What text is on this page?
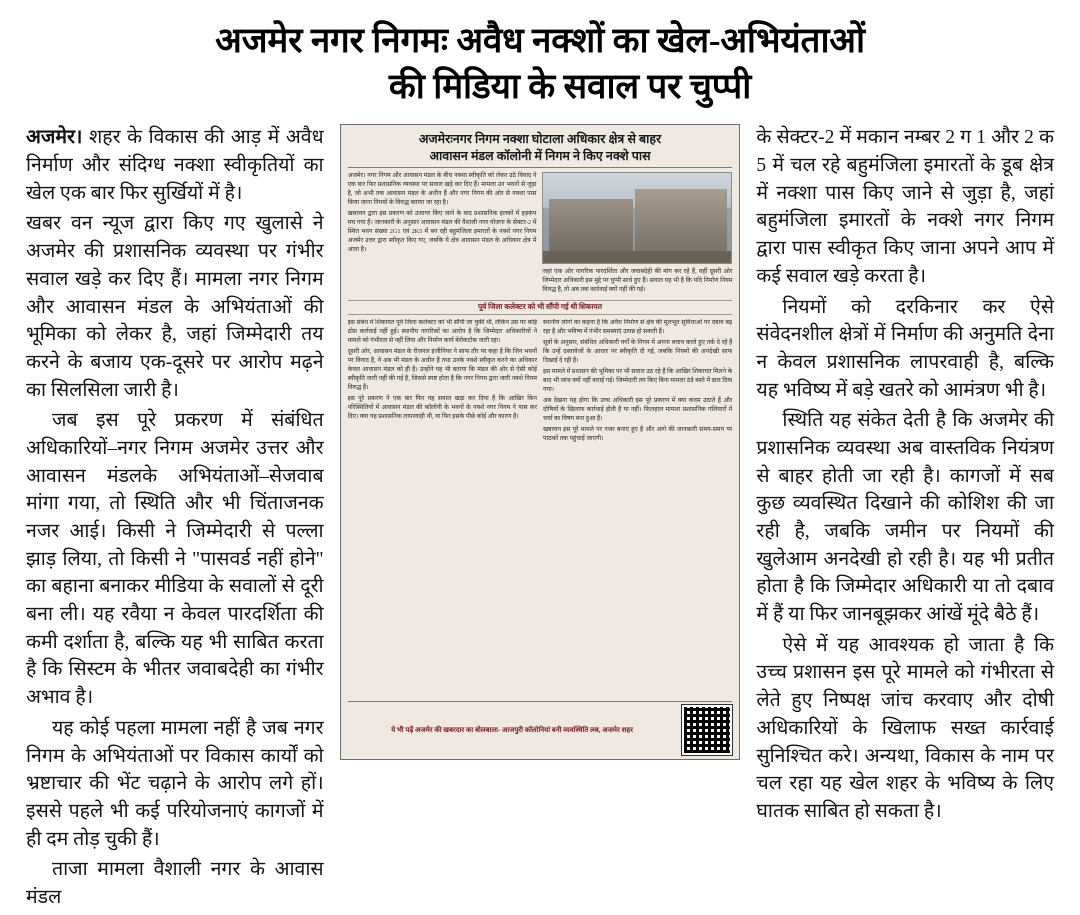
अजमेर नगर निगमः अवैध नक्शों का खेल-अभियंताओं
की मिडिया के सवाल पर चुप्पी

अजमेर। शहर के विकास की आड़ में अवैध निर्माण और संदिग्ध नक्शा स्वीकृतियों का खेल एक बार फिर सुर्खियों में है।

खबर वन न्यूज द्वारा किए गए खुलासे ने अजमेर की प्रशासनिक व्यवस्था पर गंभीर सवाल खड़े कर दिए हैं। मामला नगर निगम और आवासन मंडल के अभियंताओं की भूमिका को लेकर है, जहां जिम्मेदारी तय करने के बजाय एक-दूसरे पर आरोप मढ़ने का सिलसिला जारी है।

जब इस पूरे प्रकरण में संबंधित अधिकारियों–नगर निगम अजमेर उत्तर और आवासन मंडलके अभियंताओं–सेजवाब मांगा गया, तो स्थिति और भी चिंताजनक नजर आई। किसी ने जिम्मेदारी से पल्ला झाड़ लिया, तो किसी ने "पासवर्ड नहीं होने" का बहाना बनाकर मीडिया के सवालों से दूरी बना ली। यह रवैया न केवल पारदर्शिता की कमी दर्शाता है, बल्कि यह भी साबित करता है कि सिस्टम के भीतर जवाबदेही का गंभीर अभाव है।

यह कोई पहला मामला नहीं है जब नगर निगम के अभियंताओं पर विकास कार्यों को भ्रष्टाचार की भेंट चढ़ाने के आरोप लगे हों। इससे पहले भी कई परियोजनाएं कागजों में ही दम तोड़ चुकी हैं।

ताजा मामला वैशाली नगर के आवास मंडल

अजमेरःनगर निगम नक्शा घोटाला अधिकार क्षेत्र से बाहर
आवासन मंडल कॉलोनी में निगम ने किए नक्शे पास

अजमेर। नगर निगम और आवासन मंडल के बीच नक्शा स्वीकृति को लेकर उठे विवाद ने एक बार फिर प्रशासनिक व्यवस्था पर सवाल खड़े कर दिए हैं। मामला उन भवनों से जुड़ा है, जो अभी तक आवासन मंडल के अधीन हैं और नगर निगम की ओर से नक्शा पास किया जाना नियमों के विरुद्ध बताया जा रहा है।

खबरवन द्वारा इस प्रकरण को उजागर किए जाने के बाद प्रशासनिक हलकों में हड़कंप मच गया है। जानकारी के अनुसार आवासन मंडल की वैशाली नगर योजना के सेक्टर-2 में स्थित भवन संख्या 2G1 एवं 2K5 में बन रही बहुमंजिला इमारतों के नक्शे नगर निगम अजमेर उत्तर द्वारा स्वीकृत किए गए, जबकि ये क्षेत्र आवासन मंडल के अधिकार क्षेत्र में आता है।

जहां एक ओर नागरिक पारदर्शिता और जवाबदेही की मांग कर रहे हैं, वहीं दूसरी ओर जिम्मेदार अधिकारी इस मुद्दे पर चुप्पी साधे हुए हैं। सवाल यह भी है कि यदि निर्माण नियम विरुद्ध है, तो अब तक कार्रवाई क्यों नहीं की गई।

पूर्व जिला कलेक्टर को भी सौंपी गई थी शिकायत

इस संबंध में शिकायत पूर्व जिला कलेक्टर को भी सौंपी जा चुकी थी, लेकिन उस पर कोई ठोस कार्रवाई नहीं हुई। स्थानीय नागरिकों का आरोप है कि जिम्मेदार अधिकारियों ने मामले को गंभीरता से नहीं लिया और निर्माण कार्य बेरोकटोक जारी रहा।

दूसरी ओर, आवासन मंडल के रीजनल इंजीनियर ने साफ तौर पर कहा है कि जिन भवनों पर विवाद है, वे अब भी मंडल के अधीन हैं तथा उनके नक्शे स्वीकृत करने का अधिकार केवल आवासन मंडल को ही है। उन्होंने यह भी बताया कि मंडल की ओर से ऐसी कोई स्वीकृति जारी नहीं की गई है, जिससे स्पष्ट होता है कि नगर निगम द्वारा जारी नक्शे नियम विरुद्ध हैं।

इस पूरे प्रकरण ने एक बार फिर यह सवाल खड़ा कर दिया है कि आखिर किन परिस्थितियों में आवासन मंडल की कॉलोनी के भवनों के नक्शे नगर निगम ने पास कर दिए। क्या यह प्रशासनिक लापरवाही थी, या फिर इसके पीछे कोई और कारण है।

स्थानीय लोगों का कहना है कि अवैध निर्माण से क्षेत्र की मूलभूत सुविधाओं पर दबाव बढ़ रहा है और भविष्य में गंभीर समस्याएं उत्पन्न हो सकती हैं।

सूत्रों के अनुसार, संबंधित अधिकारी वर्गों के निगम में अपना बचाव करते हुए तर्क दे रहे हैं कि उन्हें दस्तावेजों के आधार पर स्वीकृति दी गई, जबकि नियमों की अनदेखी साफ दिखाई दे रही है।

इस मामले में प्रशासन की भूमिका पर भी सवाल उठ रहे हैं कि आखिर शिकायत मिलने के बाद भी जांच क्यों नहीं कराई गई। जिम्मेदारी तय किए बिना मामला ठंडे बस्ते में डाल दिया गया।

अब देखना यह होगा कि उच्च अधिकारी इस पूरे प्रकरण में क्या कदम उठाते हैं और दोषियों के खिलाफ कार्रवाई होती है या नहीं। फिलहाल मामला प्रशासनिक गलियारों में चर्चा का विषय बना हुआ है।

खबरवन इस पूरे मामले पर नजर बनाए हुए है और आगे की जानकारी समय-समय पर पाठकों तक पहुंचाई जाएगी।

ये भी पढ़ें अजमेर की खबरदार का बोलबाला- आजपुरी कॉलोनियां बनी व्यवस्थिति लब, अजमेर शहर

के सेक्टर-2 में मकान नम्बर 2 ग 1 और 2 क 5 में चल रहे बहुमंजिला इमारतों के डूब क्षेत्र में नक्शा पास किए जाने से जुड़ा है, जहां बहुमंजिला इमारतों के नक्शे नगर निगम द्वारा पास स्वीकृत किए जाना अपने आप में कई सवाल खड़े करता है।

नियमों को दरकिनार कर ऐसे संवेदनशील क्षेत्रों में निर्माण की अनुमति देना न केवल प्रशासनिक लापरवाही है, बल्कि यह भविष्य में बड़े खतरे को आमंत्रण भी है।

स्थिति यह संकेत देती है कि अजमेर की प्रशासनिक व्यवस्था अब वास्तविक नियंत्रण से बाहर होती जा रही है। कागजों में सब कुछ व्यवस्थित दिखाने की कोशिश की जा रही है, जबकि जमीन पर नियमों की खुलेआम अनदेखी हो रही है। यह भी प्रतीत होता है कि जिम्मेदार अधिकारी या तो दबाव में हैं या फिर जानबूझकर आंखें मूंदे बैठे हैं।

ऐसे में यह आवश्यक हो जाता है कि उच्च प्रशासन इस पूरे मामले को गंभीरता से लेते हुए निष्पक्ष जांच करवाए और दोषी अधिकारियों के खिलाफ सख्त कार्रवाई सुनिश्चित करे। अन्यथा, विकास के नाम पर चल रहा यह खेल शहर के भविष्य के लिए घातक साबित हो सकता है।
